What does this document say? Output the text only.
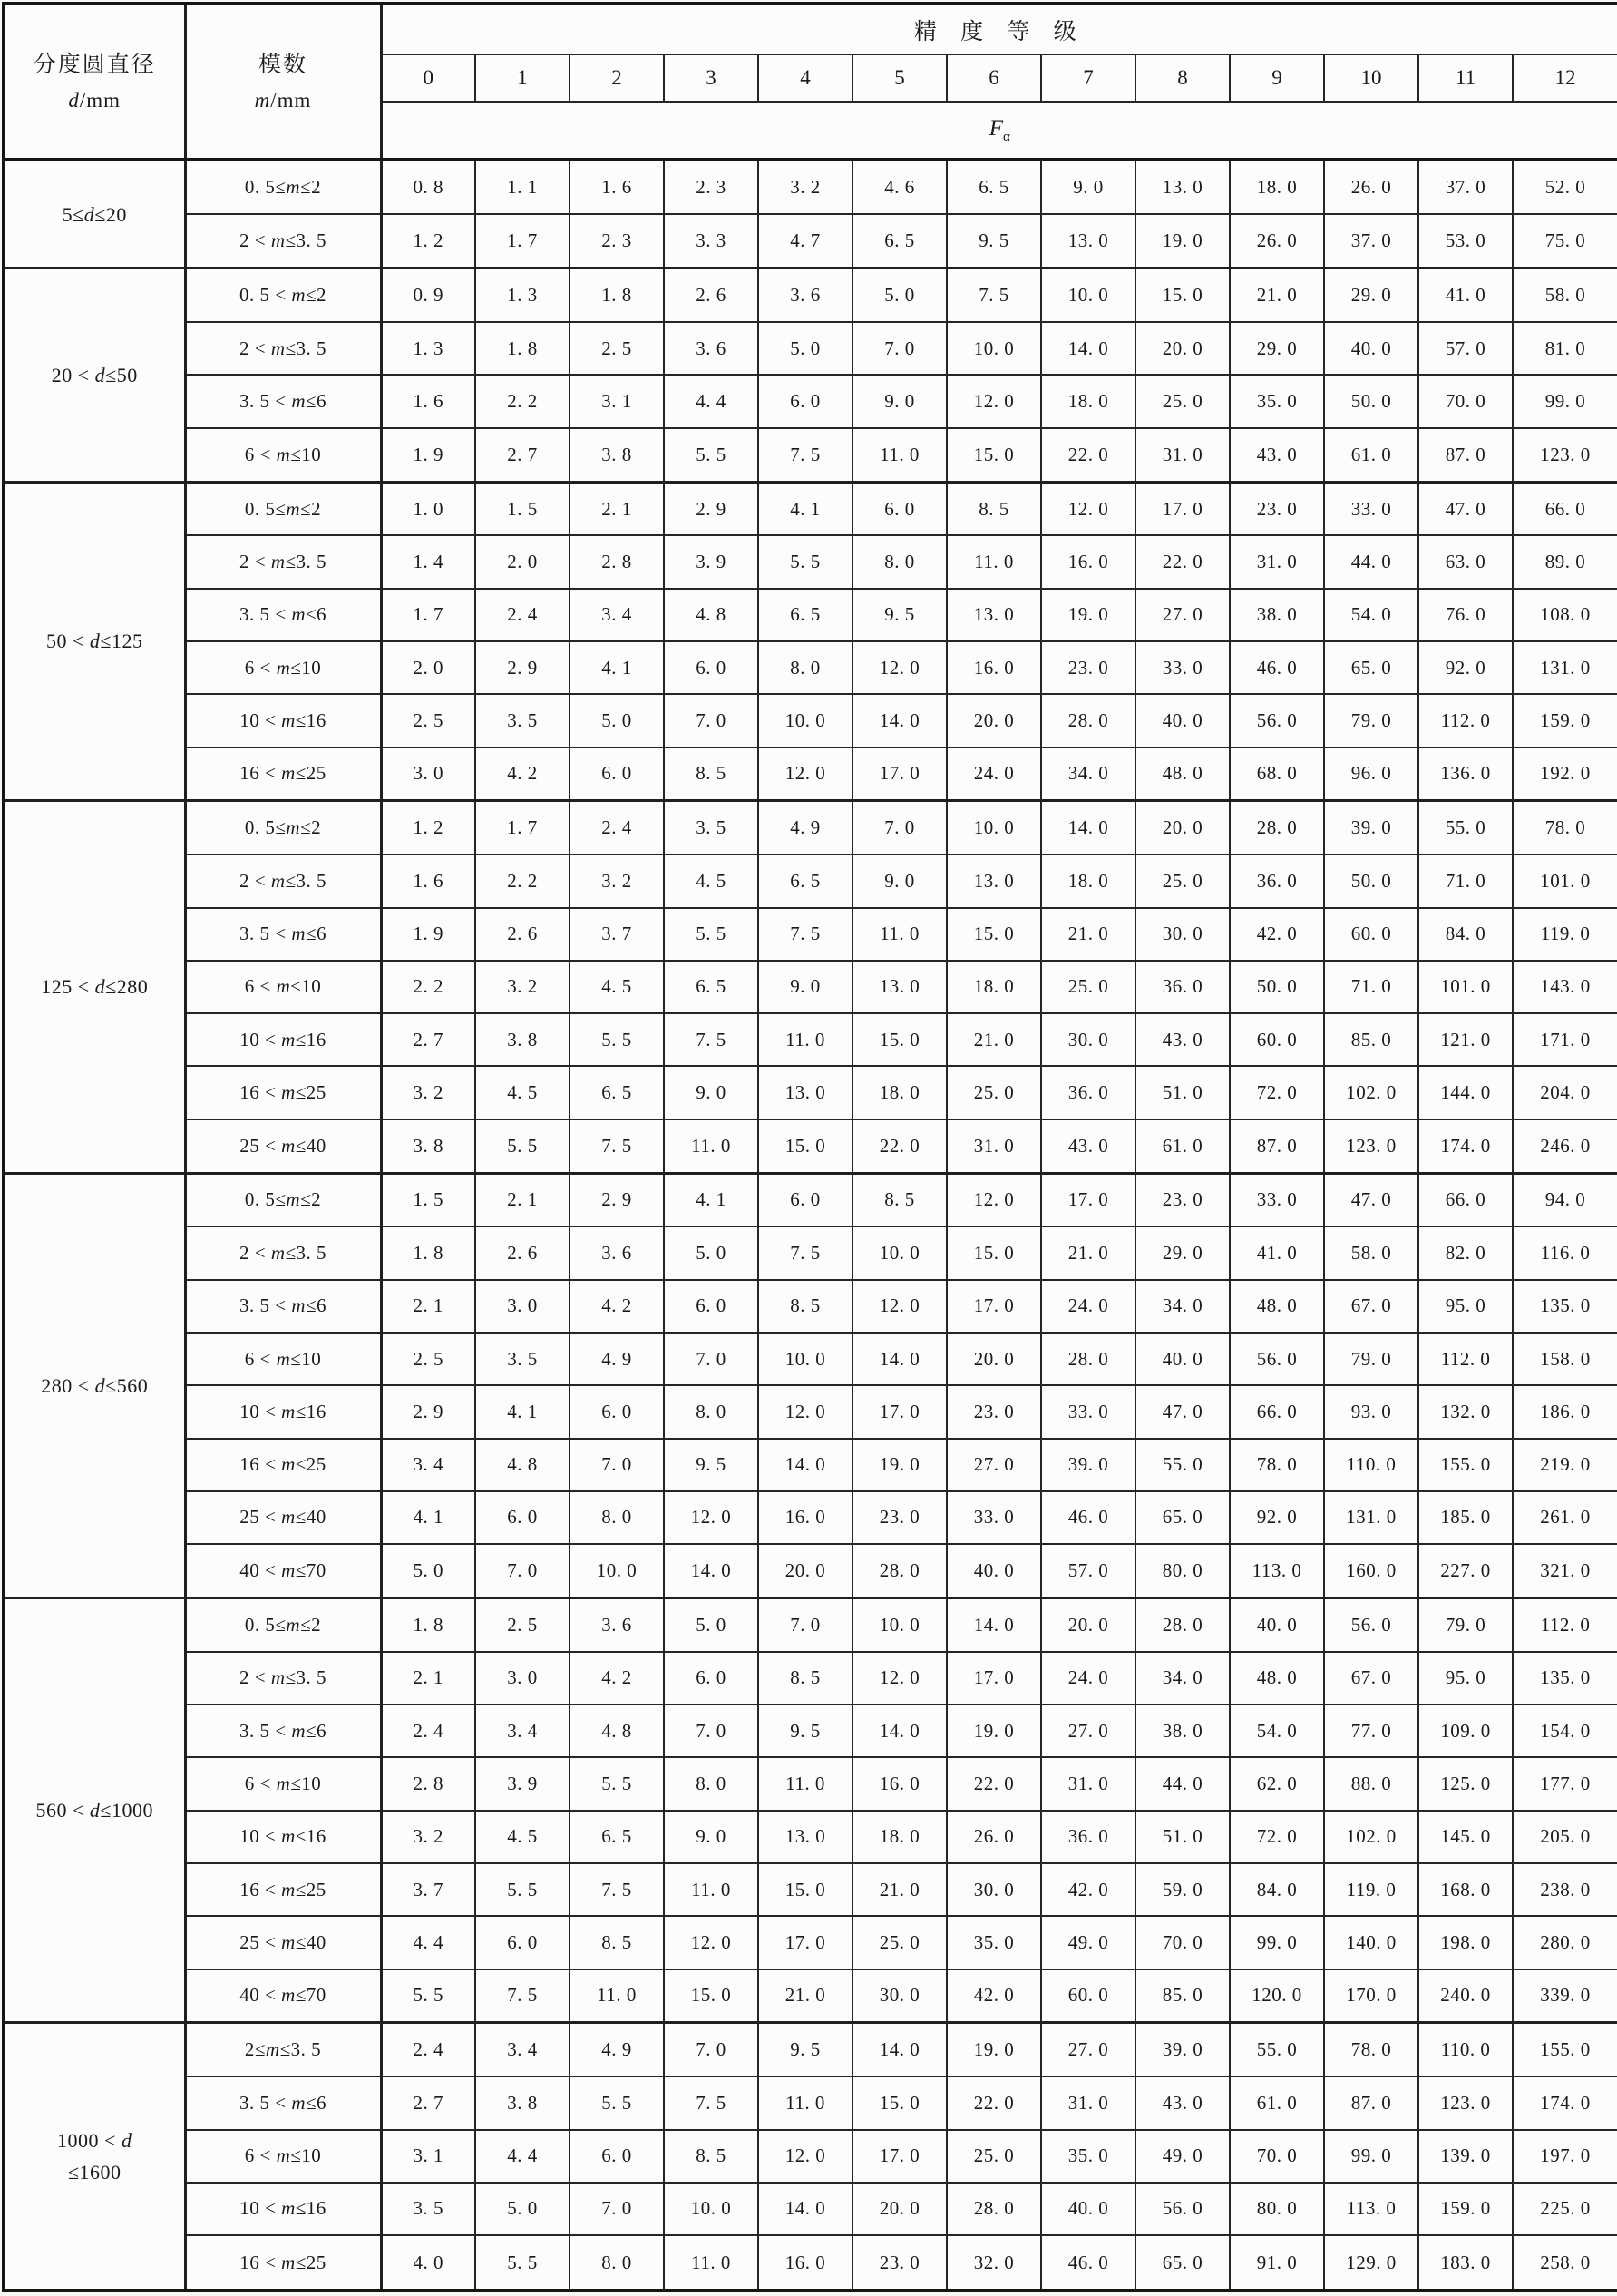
分度圆直径
d/mm

模数
m/mm
	精 度 等 级
		0	1	2	3	4	5	6	7	8	9	10	11	12
		$F_\alpha$
5≤d≤20	0. 5≤m≤2	0. 8	1. 1	1. 6	2. 3	3. 2	4. 6	6. 5	9. 0	13. 0	18. 0	26. 0	37. 0	52. 0
	2 < m≤3. 5	1. 2	1. 7	2. 3	3. 3	4. 7	6. 5	9. 5	13. 0	19. 0	26. 0	37. 0	53. 0	75. 0
20 < d≤50	0. 5 < m≤2	0. 9	1. 3	1. 8	2. 6	3. 6	5. 0	7. 5	10. 0	15. 0	21. 0	29. 0	41. 0	58. 0
	2 < m≤3. 5	1. 3	1. 8	2. 5	3. 6	5. 0	7. 0	10. 0	14. 0	20. 0	29. 0	40. 0	57. 0	81. 0
	3. 5 < m≤6	1. 6	2. 2	3. 1	4. 4	6. 0	9. 0	12. 0	18. 0	25. 0	35. 0	50. 0	70. 0	99. 0
	6 < m≤10	1. 9	2. 7	3. 8	5. 5	7. 5	11. 0	15. 0	22. 0	31. 0	43. 0	61. 0	87. 0	123. 0
50 < d≤125	0. 5≤m≤2	1. 0	1. 5	2. 1	2. 9	4. 1	6. 0	8. 5	12. 0	17. 0	23. 0	33. 0	47. 0	66. 0
	2 < m≤3. 5	1. 4	2. 0	2. 8	3. 9	5. 5	8. 0	11. 0	16. 0	22. 0	31. 0	44. 0	63. 0	89. 0
	3. 5 < m≤6	1. 7	2. 4	3. 4	4. 8	6. 5	9. 5	13. 0	19. 0	27. 0	38. 0	54. 0	76. 0	108. 0
	6 < m≤10	2. 0	2. 9	4. 1	6. 0	8. 0	12. 0	16. 0	23. 0	33. 0	46. 0	65. 0	92. 0	131. 0
	10 < m≤16	2. 5	3. 5	5. 0	7. 0	10. 0	14. 0	20. 0	28. 0	40. 0	56. 0	79. 0	112. 0	159. 0
	16 < m≤25	3. 0	4. 2	6. 0	8. 5	12. 0	17. 0	24. 0	34. 0	48. 0	68. 0	96. 0	136. 0	192. 0
125 < d≤280	0. 5≤m≤2	1. 2	1. 7	2. 4	3. 5	4. 9	7. 0	10. 0	14. 0	20. 0	28. 0	39. 0	55. 0	78. 0
	2 < m≤3. 5	1. 6	2. 2	3. 2	4. 5	6. 5	9. 0	13. 0	18. 0	25. 0	36. 0	50. 0	71. 0	101. 0
	3. 5 < m≤6	1. 9	2. 6	3. 7	5. 5	7. 5	11. 0	15. 0	21. 0	30. 0	42. 0	60. 0	84. 0	119. 0
	6 < m≤10	2. 2	3. 2	4. 5	6. 5	9. 0	13. 0	18. 0	25. 0	36. 0	50. 0	71. 0	101. 0	143. 0
	10 < m≤16	2. 7	3. 8	5. 5	7. 5	11. 0	15. 0	21. 0	30. 0	43. 0	60. 0	85. 0	121. 0	171. 0
	16 < m≤25	3. 2	4. 5	6. 5	9. 0	13. 0	18. 0	25. 0	36. 0	51. 0	72. 0	102. 0	144. 0	204. 0
	25 < m≤40	3. 8	5. 5	7. 5	11. 0	15. 0	22. 0	31. 0	43. 0	61. 0	87. 0	123. 0	174. 0	246. 0
280 < d≤560	0. 5≤m≤2	1. 5	2. 1	2. 9	4. 1	6. 0	8. 5	12. 0	17. 0	23. 0	33. 0	47. 0	66. 0	94. 0
	2 < m≤3. 5	1. 8	2. 6	3. 6	5. 0	7. 5	10. 0	15. 0	21. 0	29. 0	41. 0	58. 0	82. 0	116. 0
	3. 5 < m≤6	2. 1	3. 0	4. 2	6. 0	8. 5	12. 0	17. 0	24. 0	34. 0	48. 0	67. 0	95. 0	135. 0
	6 < m≤10	2. 5	3. 5	4. 9	7. 0	10. 0	14. 0	20. 0	28. 0	40. 0	56. 0	79. 0	112. 0	158. 0
	10 < m≤16	2. 9	4. 1	6. 0	8. 0	12. 0	17. 0	23. 0	33. 0	47. 0	66. 0	93. 0	132. 0	186. 0
	16 < m≤25	3. 4	4. 8	7. 0	9. 5	14. 0	19. 0	27. 0	39. 0	55. 0	78. 0	110. 0	155. 0	219. 0
	25 < m≤40	4. 1	6. 0	8. 0	12. 0	16. 0	23. 0	33. 0	46. 0	65. 0	92. 0	131. 0	185. 0	261. 0
	40 < m≤70	5. 0	7. 0	10. 0	14. 0	20. 0	28. 0	40. 0	57. 0	80. 0	113. 0	160. 0	227. 0	321. 0
560 < d≤1000	0. 5≤m≤2	1. 8	2. 5	3. 6	5. 0	7. 0	10. 0	14. 0	20. 0	28. 0	40. 0	56. 0	79. 0	112. 0
	2 < m≤3. 5	2. 1	3. 0	4. 2	6. 0	8. 5	12. 0	17. 0	24. 0	34. 0	48. 0	67. 0	95. 0	135. 0
	3. 5 < m≤6	2. 4	3. 4	4. 8	7. 0	9. 5	14. 0	19. 0	27. 0	38. 0	54. 0	77. 0	109. 0	154. 0
	6 < m≤10	2. 8	3. 9	5. 5	8. 0	11. 0	16. 0	22. 0	31. 0	44. 0	62. 0	88. 0	125. 0	177. 0
	10 < m≤16	3. 2	4. 5	6. 5	9. 0	13. 0	18. 0	26. 0	36. 0	51. 0	72. 0	102. 0	145. 0	205. 0
	16 < m≤25	3. 7	5. 5	7. 5	11. 0	15. 0	21. 0	30. 0	42. 0	59. 0	84. 0	119. 0	168. 0	238. 0
	25 < m≤40	4. 4	6. 0	8. 5	12. 0	17. 0	25. 0	35. 0	49. 0	70. 0	99. 0	140. 0	198. 0	280. 0
	40 < m≤70	5. 5	7. 5	11. 0	15. 0	21. 0	30. 0	42. 0	60. 0	85. 0	120. 0	170. 0	240. 0	339. 0
1000 < d
≤1600	2≤m≤3. 5	2. 4	3. 4	4. 9	7. 0	9. 5	14. 0	19. 0	27. 0	39. 0	55. 0	78. 0	110. 0	155. 0
	3. 5 < m≤6	2. 7	3. 8	5. 5	7. 5	11. 0	15. 0	22. 0	31. 0	43. 0	61. 0	87. 0	123. 0	174. 0
	6 < m≤10	3. 1	4. 4	6. 0	8. 5	12. 0	17. 0	25. 0	35. 0	49. 0	70. 0	99. 0	139. 0	197. 0
	10 < m≤16	3. 5	5. 0	7. 0	10. 0	14. 0	20. 0	28. 0	40. 0	56. 0	80. 0	113. 0	159. 0	225. 0
	16 < m≤25	4. 0	5. 5	8. 0	11. 0	16. 0	23. 0	32. 0	46. 0	65. 0	91. 0	129. 0	183. 0	258. 0
